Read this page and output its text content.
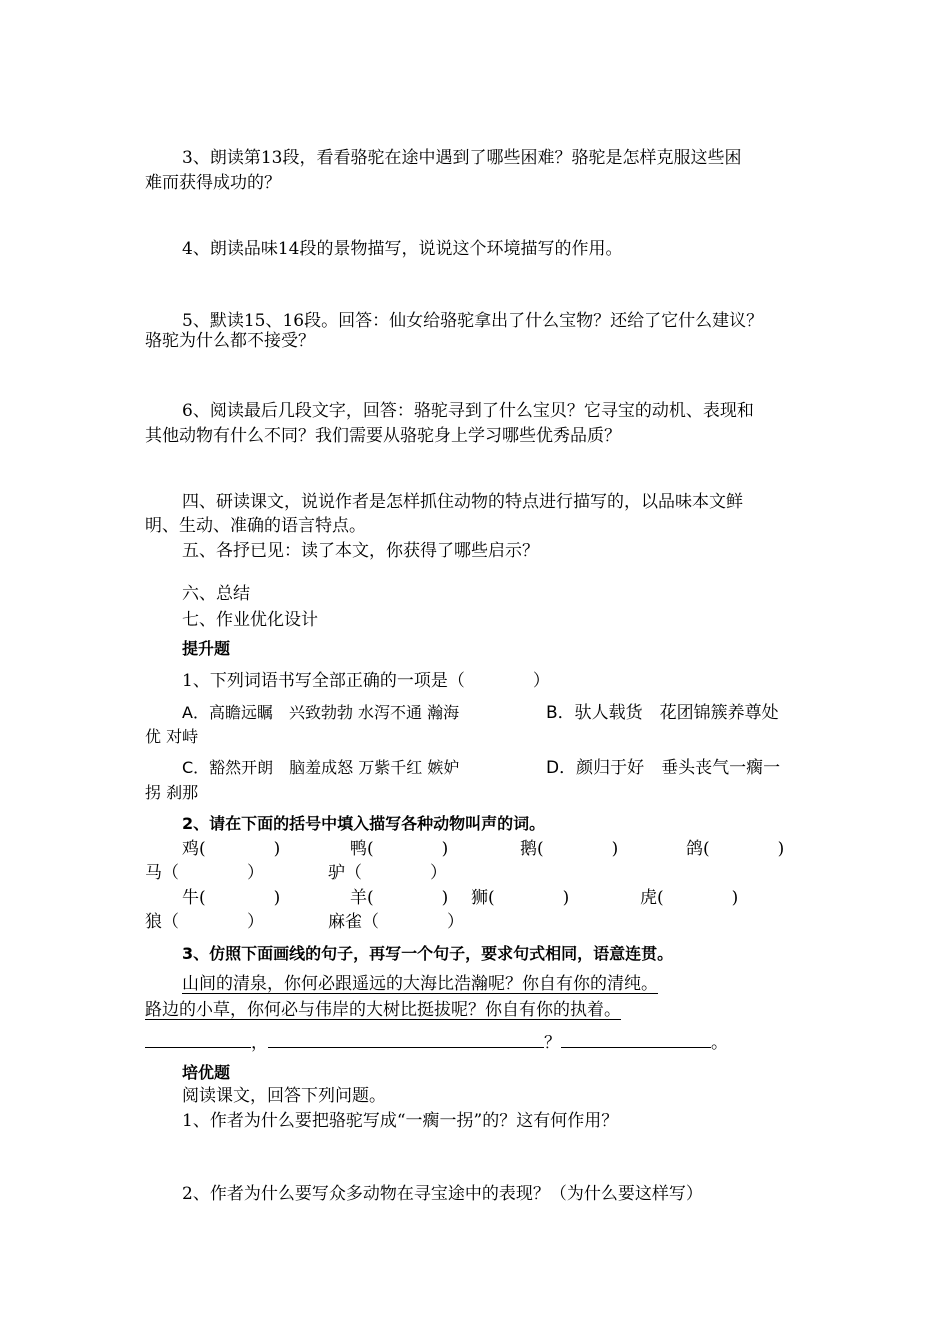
3、朗读第13段，看看骆驼在途中遇到了哪些困难？骆驼是怎样克服这些困
难而获得成功的？
4、朗读品味14段的景物描写，说说这个环境描写的作用。
5、默读15、16段。回答：仙女给骆驼拿出了什么宝物？还给了它什么建议？
骆驼为什么都不接受？
6、阅读最后几段文字，回答：骆驼寻到了什么宝贝？它寻宝的动机、表现和
其他动物有什么不同？我们需要从骆驼身上学习哪些优秀品质？
四、研读课文，说说作者是怎样抓住动物的特点进行描写的，以品味本文鲜
明、生动、准确的语言特点。
五、各抒已见：读了本文，你获得了哪些启示？
六、总结
七、作业优化设计
提升题
1、下列词语书写全部正确的一项是（　　　　）
A．高瞻远瞩　兴致勃勃 水泻不通 瀚海	B．驮人载货　花团锦簇养尊处
优 对峙
C．豁然开朗　脑羞成怒 万紫千红 嫉妒	D．颜归于好　垂头丧气一瘸一
拐 刹那
2、请在下面的括号中填入描写各种动物叫声的词。
鸡(　　　　)	鸭(　　　　)	鹅(　　　　)	鸽(　　　　)
马（　　　　）	驴（　　　　）
牛(　　　　)	羊(　　　　) 狮(　　　　)	虎(　　　　)
狼（　　　　）	麻雀（　　　　）
3、仿照下面画线的句子，再写一个句子，要求句式相同，语意连贯。
山间的清泉，你何必跟遥远的大海比浩瀚呢？你自有你的清纯。
路边的小草，你何必与伟岸的大树比挺拔呢？你自有你的执着。
，	？	。
培优题
阅读课文，回答下列问题。
1、作者为什么要把骆驼写成“一瘸一拐”的？这有何作用？
2、作者为什么要写众多动物在寻宝途中的表现？（为什么要这样写）
